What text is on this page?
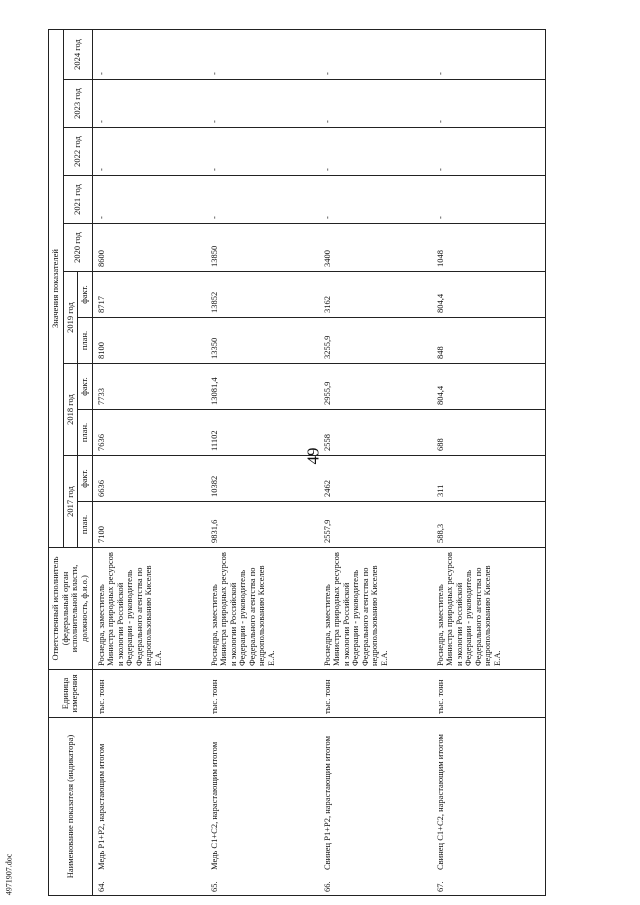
49
4971907.doc	Наименование показателя (индикатора)	Единица измерения	Ответственный исполнитель (федеральный орган исполнительной власти, должность, ф.и.о.)	Значения показателей										
			2017 год		2018 год		2019 год		2020 год	2021 год	2022 год	2023 год	2024 год
			план.	факт.	план.	факт.	план.	факт.					
64.Медь P1+P2, нарастающим итогом	тыс. тонн	Роснедра, заместитель Министра природных ресурсов и экологии Российской Федерации - руководитель Федерального агентства по недропользованию Киселев Е.А.	7100	6636	7636	7733	8100	8717	8600	-	-	-	-
65.Медь C1+C2, нарастающим итогом	тыс. тонн	Роснедра, заместитель Министра природных ресурсов и экологии Российской Федерации - руководитель Федерального агентства по недропользованию Киселев Е.А.	9831,6	10382	11102	13081,4	13350	13852	13850	-	-	-	-
66.Свинец P1+P2, нарастающим итогом	тыс. тонн	Роснедра, заместитель Министра природных ресурсов и экологии Российской Федерации - руководитель Федерального агентства по недропользованию Киселев Е.А.	2557,9	2462	2558	2955,9	3255,9	3162	3400	-	-	-	-
67.Свинец C1+C2, нарастающим итогом	тыс. тонн	Роснедра, заместитель Министра природных ресурсов и экологии Российской Федерации - руководитель Федерального агентства по недропользованию Киселев Е.А.	588,3	311	688	804,4	848	804,4	1048	-	-	-	-
